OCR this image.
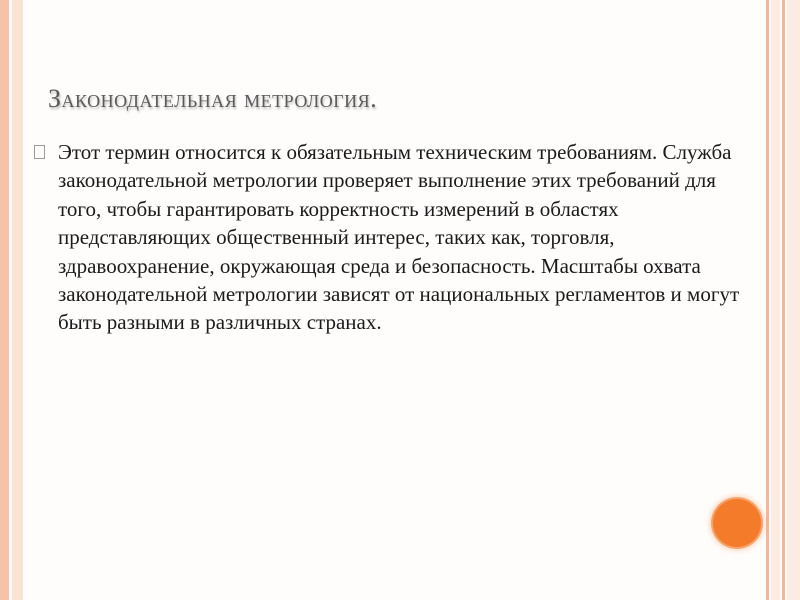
Законодательная метрология.
Этот термин относится к обязательным техническим требованиям. Служба законодательной метрологии проверяет выполнение этих требований для того, чтобы гарантировать корректность измерений в областях представляющих общественный интерес, таких как, торговля, здравоохранение, окружающая среда и безопасность. Масштабы охвата законодательной метрологии зависят от национальных регламентов и могут быть разными в различных странах.
